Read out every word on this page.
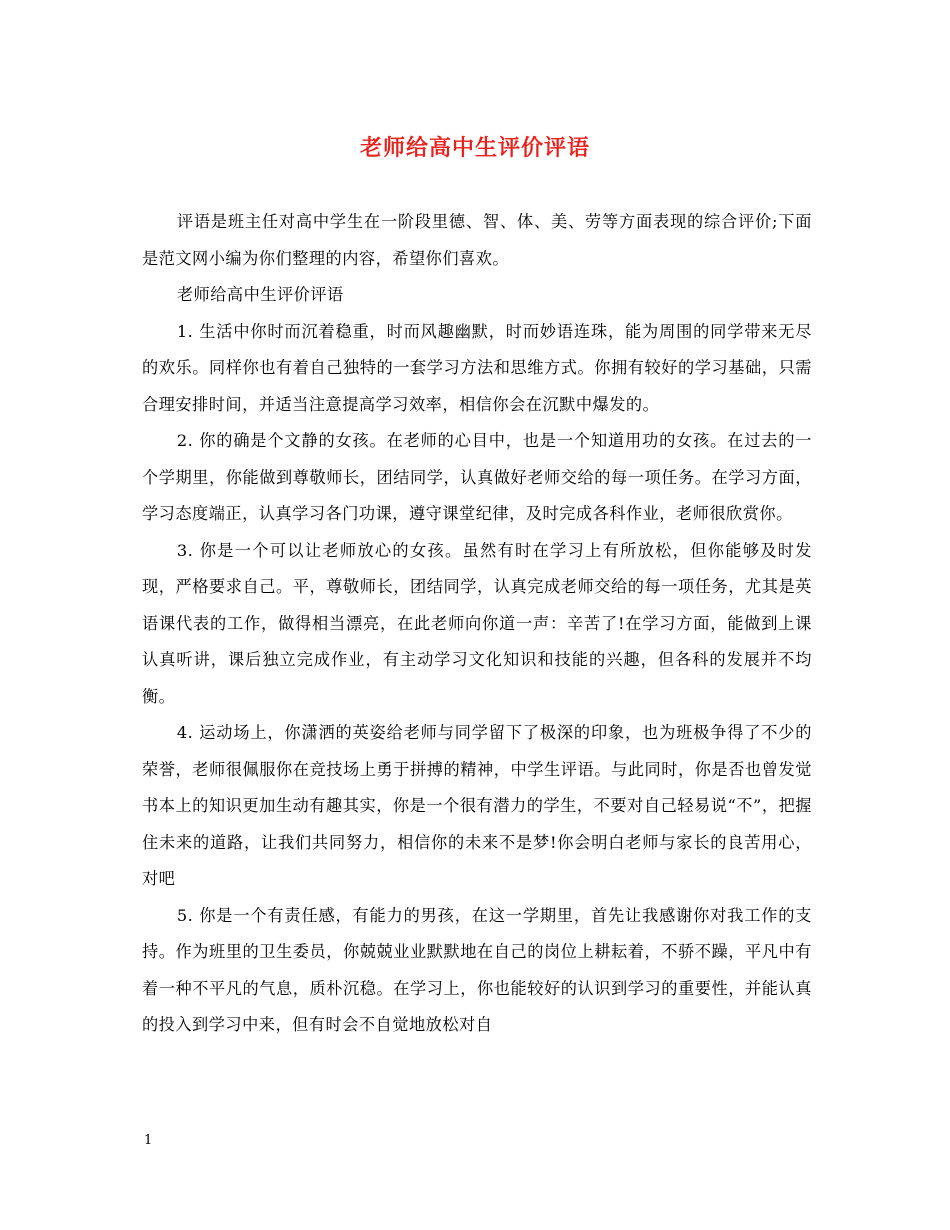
老师给高中生评价评语

评语是班主任对高中学生在一阶段里德、智、体、美、劳等方面表现的综合评价;下面是范文网小编为你们整理的内容，希望你们喜欢。

老师给高中生评价评语

1. 生活中你时而沉着稳重，时而风趣幽默，时而妙语连珠，能为周围的同学带来无尽的欢乐。同样你也有着自己独特的一套学习方法和思维方式。你拥有较好的学习基础，只需合理安排时间，并适当注意提高学习效率，相信你会在沉默中爆发的。

2. 你的确是个文静的女孩。在老师的心目中，也是一个知道用功的女孩。在过去的一个学期里，你能做到尊敬师长，团结同学，认真做好老师交给的每一项任务。在学习方面，学习态度端正，认真学习各门功课，遵守课堂纪律，及时完成各科作业，老师很欣赏你。

3. 你是一个可以让老师放心的女孩。虽然有时在学习上有所放松，但你能够及时发现，严格要求自己。平，尊敬师长，团结同学，认真完成老师交给的每一项任务，尤其是英语课代表的工作，做得相当漂亮，在此老师向你道一声：辛苦了!在学习方面，能做到上课认真听讲，课后独立完成作业，有主动学习文化知识和技能的兴趣，但各科的发展并不均衡。

4. 运动场上，你潇洒的英姿给老师与同学留下了极深的印象，也为班极争得了不少的荣誉，老师很佩服你在竞技场上勇于拼搏的精神，中学生评语。与此同时，你是否也曾发觉书本上的知识更加生动有趣其实，你是一个很有潜力的学生，不要对自己轻易说“不”，把握住未来的道路，让我们共同努力，相信你的未来不是梦!你会明白老师与家长的良苦用心，对吧

5. 你是一个有责任感，有能力的男孩，在这一学期里，首先让我感谢你对我工作的支持。作为班里的卫生委员，你兢兢业业默默地在自己的岗位上耕耘着，不骄不躁，平凡中有着一种不平凡的气息，质朴沉稳。在学习上，你也能较好的认识到学习的重要性，并能认真的投入到学习中来，但有时会不自觉地放松对自

1
